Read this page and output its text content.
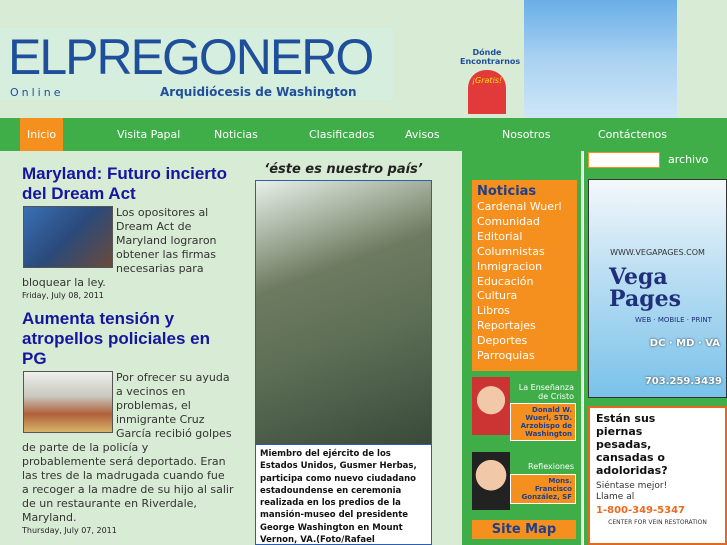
ELPREGONERO
Online	Arquidiócesis de Washington
Dónde Encontrarnos
¡Gratis!
Inicio	Visita Papal	Noticias	Clasificados	Avisos	Nosotros	Contáctenos
Maryland: Futuro incierto del Dream Act
Los opositores al Dream Act de Maryland lograron obtener las firmas necesarias para bloquear la ley.
Friday, July 08, 2011
Aumenta tensión y atropellos policiales en PG
Por ofrecer su ayuda a vecinos en problemas, el inmigrante Cruz García recibió golpes de parte de la policía y probablemente será deportado. Eran las tres de la madrugada cuando fue a recoger a la madre de su hijo al salir de un restaurante en Riverdale, Maryland.
Thursday, July 07, 2011
‘éste es nuestro país’
Miembro del ejército de los Estados Unidos, Gusmer Herbas, participa como nuevo ciudadano estadoundense en ceremonia realizada en los predios de la mansión-museo del presidente George Washington en Mount Vernon, VA.(Foto/Rafael
Noticias
Cardenal Wuerl
Comunidad
Editorial
Columnistas
Inmigracion
Educación
Cultura
Libros
Reportajes
Deportes
Parroquias
La Enseñanza de Cristo
Donald W. Wuerl, STD. Arzobispo de Washington
Reflexiones
Mons. Francisco González, SF
Site Map
archivo
WWW.VEGAPAGES.COM
Vega Pages
WEB · MOBILE · PRINT
DC · MD · VA
703.259.3439
Están sus piernas pesadas, cansadas o adoloridas?
Siéntase mejor! Llame al
1-800-349-5347
CENTER FOR VEIN RESTORATION
